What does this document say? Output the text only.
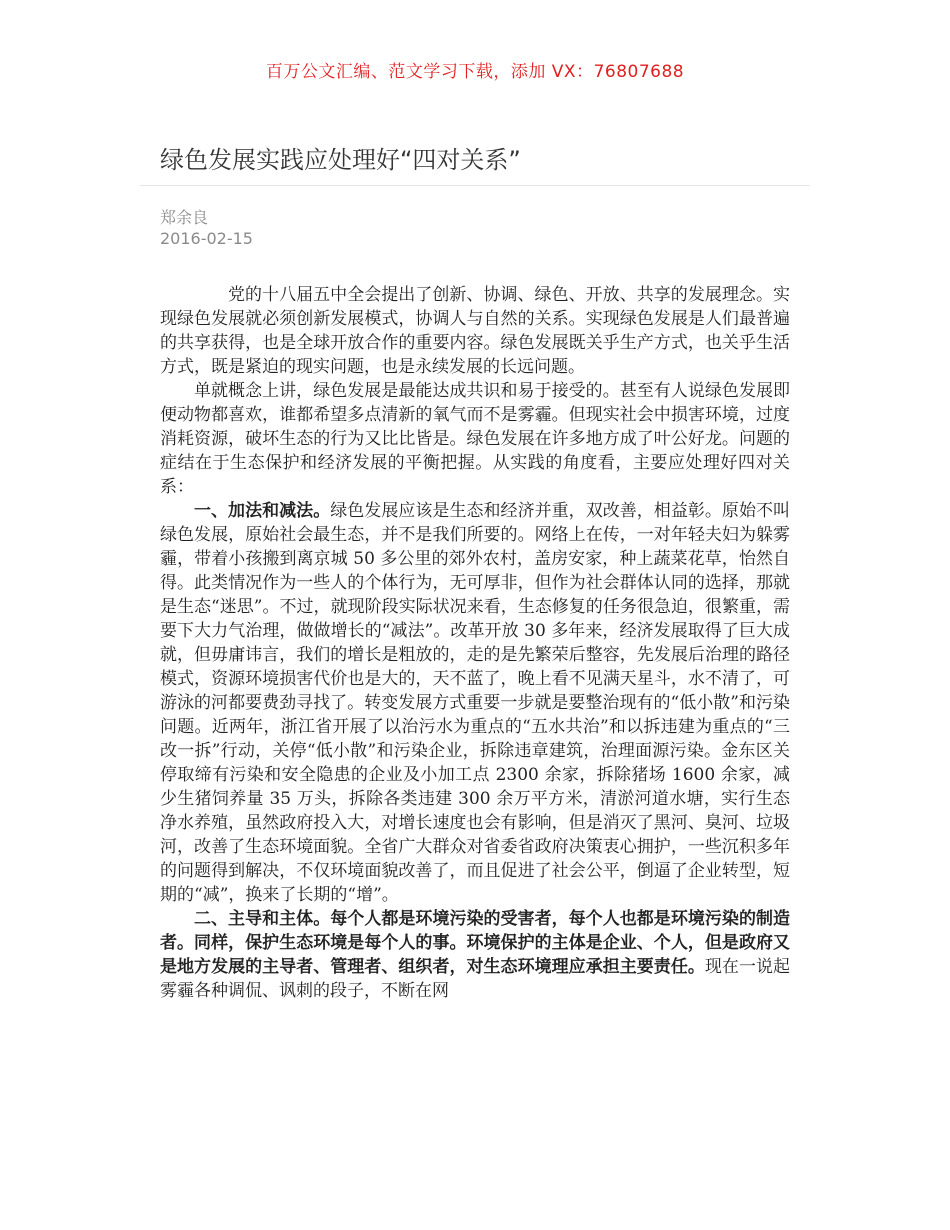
百万公文汇编、范文学习下载，添加 VX：76807688
绿色发展实践应处理好“四对关系”
郑余良
2016-02-15

党的十八届五中全会提出了创新、协调、绿色、开放、共享的发展理念。实现绿色发展就必须创新发展模式，协调人与自然的关系。实现绿色发展是人们最普遍的共享获得，也是全球开放合作的重要内容。绿色发展既关乎生产方式，也关乎生活方式，既是紧迫的现实问题，也是永续发展的长远问题。

单就概念上讲，绿色发展是最能达成共识和易于接受的。甚至有人说绿色发展即便动物都喜欢，谁都希望多点清新的氧气而不是雾霾。但现实社会中损害环境，过度消耗资源，破坏生态的行为又比比皆是。绿色发展在许多地方成了叶公好龙。问题的症结在于生态保护和经济发展的平衡把握。从实践的角度看，主要应处理好四对关系：

一、加法和减法。绿色发展应该是生态和经济并重，双改善，相益彰。原始不叫绿色发展，原始社会最生态，并不是我们所要的。网络上在传，一对年轻夫妇为躲雾霾，带着小孩搬到离京城 50 多公里的郊外农村，盖房安家，种上蔬菜花草，怡然自得。此类情况作为一些人的个体行为，无可厚非，但作为社会群体认同的选择，那就是生态“迷思”。不过，就现阶段实际状况来看，生态修复的任务很急迫，很繁重，需要下大力气治理，做做增长的“减法”。改革开放 30 多年来，经济发展取得了巨大成就，但毋庸讳言，我们的增长是粗放的，走的是先繁荣后整容，先发展后治理的路径模式，资源环境损害代价也是大的，天不蓝了，晚上看不见满天星斗，水不清了，可游泳的河都要费劲寻找了。转变发展方式重要一步就是要整治现有的“低小散”和污染问题。近两年，浙江省开展了以治污水为重点的“五水共治”和以拆违建为重点的“三改一拆”行动，关停“低小散”和污染企业，拆除违章建筑，治理面源污染。金东区关停取缔有污染和安全隐患的企业及小加工点 2300 余家，拆除猪场 1600 余家，减少生猪饲养量 35 万头，拆除各类违建 300 余万平方米，清淤河道水塘，实行生态净水养殖，虽然政府投入大，对增长速度也会有影响，但是消灭了黑河、臭河、垃圾河，改善了生态环境面貌。全省广大群众对省委省政府决策衷心拥护，一些沉积多年的问题得到解决，不仅环境面貌改善了，而且促进了社会公平，倒逼了企业转型，短期的“减”，换来了长期的“增”。

二、主导和主体。每个人都是环境污染的受害者，每个人也都是环境污染的制造者。同样，保护生态环境是每个人的事。环境保护的主体是企业、个人，但是政府又是地方发展的主导者、管理者、组织者，对生态环境理应承担主要责任。现在一说起雾霾各种调侃、讽刺的段子，不断在网
